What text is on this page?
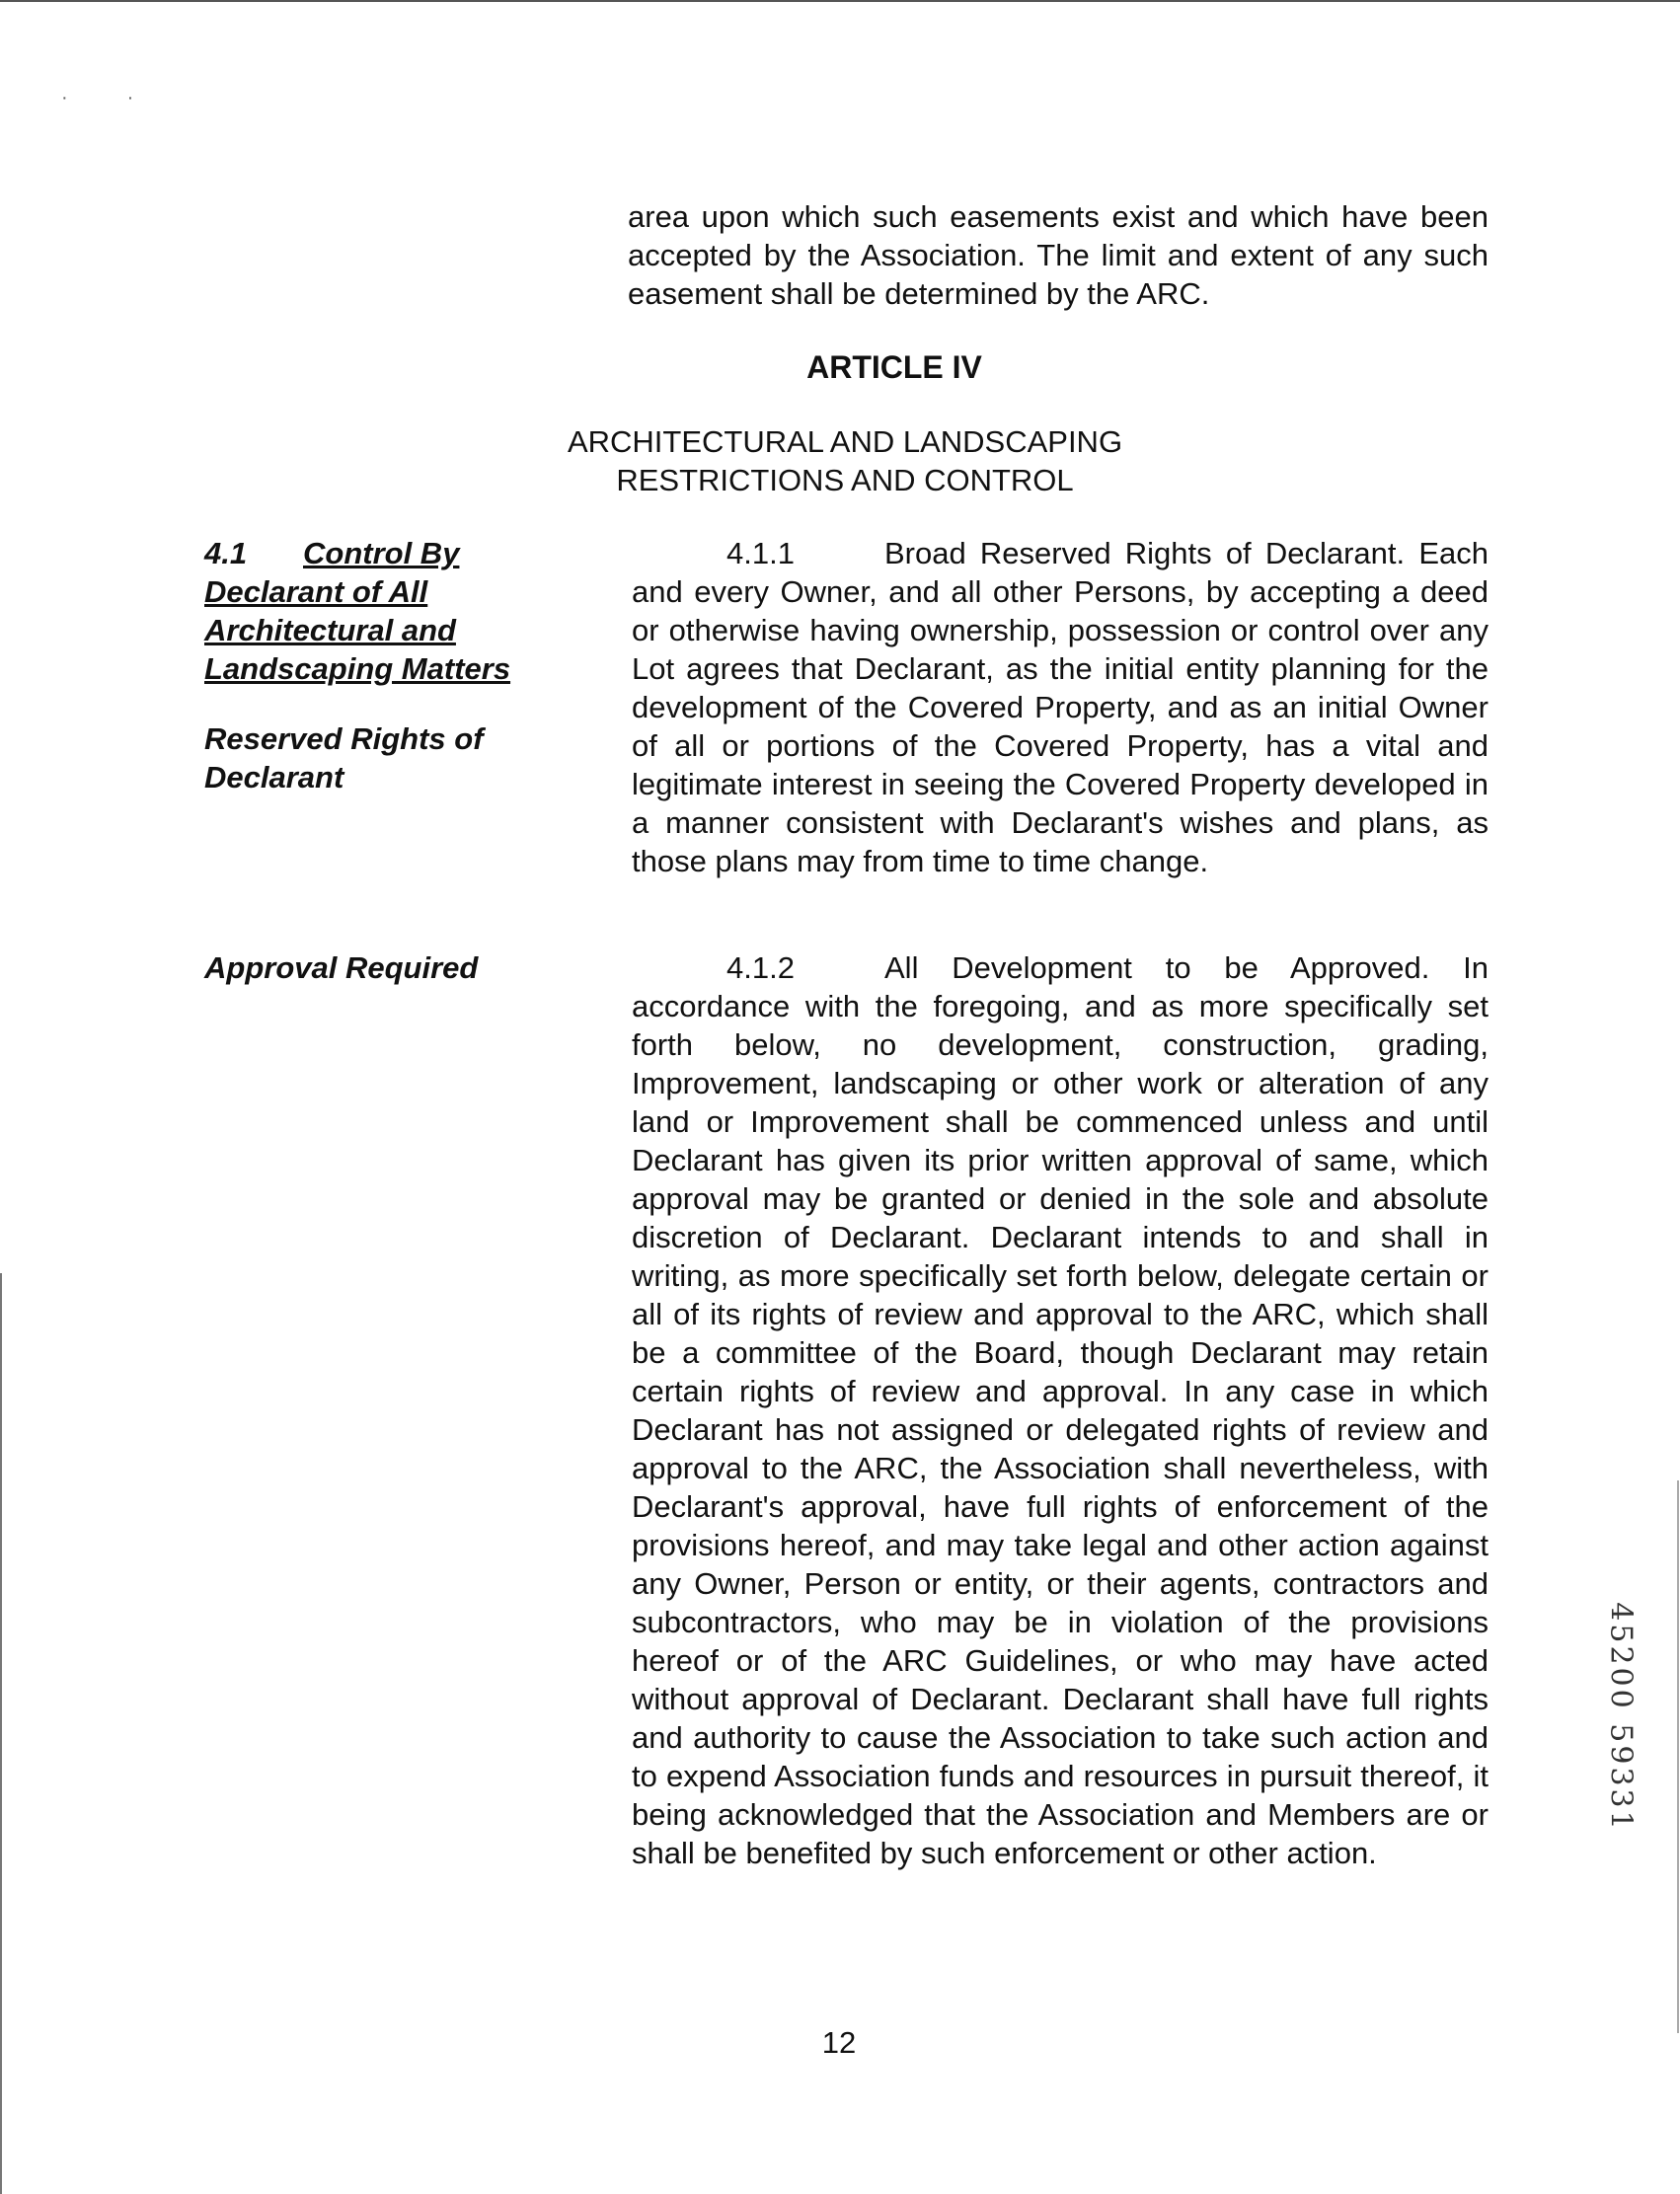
··

area upon which such easements exist and which have been accepted by the Association. The limit and extent of any such easement shall be determined by the ARC.

ARTICLE IV
ARCHITECTURAL AND LANDSCAPING
RESTRICTIONS AND CONTROL
4.1 Control By Declarant of All Architectural and Landscaping Matters
Reserved Rights of Declarant

4.1.1	Broad Reserved Rights of Declarant. Each and every Owner, and all other Persons, by accepting a deed or otherwise having ownership, possession or control over any Lot agrees that Declarant, as the initial entity planning for the development of the Covered Property, and as an initial Owner of all or portions of the Covered Property, has a vital and legitimate interest in seeing the Covered Property developed in a manner consistent with Declarant's wishes and plans, as those plans may from time to time change.

Approval Required	4.1.2	All Development to be Approved. In accordance with the foregoing, and as more specifically set forth below, no development, construction, grading, Improvement, landscaping or other work or alteration of any land or Improvement shall be commenced unless and until Declarant has given its prior written approval of same, which approval may be granted or denied in the sole and absolute discretion of Declarant. Declarant intends to and shall in writing, as more specifically set forth below, delegate certain or all of its rights of review and approval to the ARC, which shall be a committee of the Board, though Declarant may retain certain rights of review and approval. In any case in which Declarant has not assigned or delegated rights of review and approval to the ARC, the Association shall nevertheless, with Declarant's approval, have full rights of enforcement of the provisions hereof, and may take legal and other action against any Owner, Person or entity, or their agents, contractors and subcontractors, who may be in violation of the provisions hereof or of the ARC Guidelines, or who may have acted without approval of Declarant. Declarant shall have full rights and authority to cause the Association to take such action and to expend Association funds and resources in pursuit thereof, it being acknowledged that the Association and Members are or shall be benefited by such enforcement or other action.

12
45200 59331
